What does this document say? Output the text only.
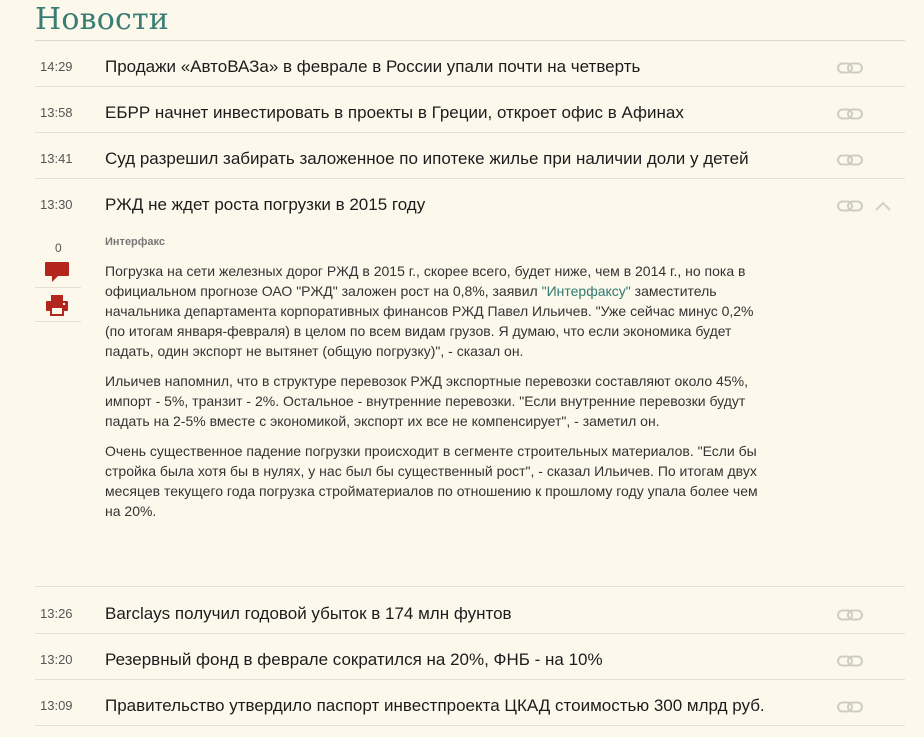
Новости
14:29 Продажи «АвтоВАЗа» в феврале в России упали почти на четверть
13:58 ЕБРР начнет инвестировать в проекты в Греции, откроет офис в Афинах
13:41 Суд разрешил забирать заложенное по ипотеке жилье при наличии доли у детей
13:30 РЖД не ждет роста погрузки в 2015 году
0	Интерфакс

Погрузка на сети железных дорог РЖД в 2015 г., скорее всего, будет ниже, чем в 2014 г., но пока в официальном прогнозе ОАО "РЖД" заложен рост на 0,8%, заявил "Интерфаксу" заместитель начальника департамента корпоративных финансов РЖД Павел Ильичев. "Уже сейчас минус 0,2% (по итогам января-февраля) в целом по всем видам грузов. Я думаю, что если экономика будет падать, один экспорт не вытянет (общую погрузку)", - сказал он.

Ильичев напомнил, что в структуре перевозок РЖД экспортные перевозки составляют около 45%, импорт - 5%, транзит - 2%. Остальное - внутренние перевозки. "Если внутренние перевозки будут падать на 2-5% вместе с экономикой, экспорт их все не компенсирует", - заметил он.

Очень существенное падение погрузки происходит в сегменте строительных материалов. "Если бы стройка была хотя бы в нулях, у нас был бы существенный рост", - сказал Ильичев. По итогам двух месяцев текущего года погрузка стройматериалов по отношению к прошлому году упала более чем на 20%.

13:26 Barclays получил годовой убыток в 174 млн фунтов
13:20 Резервный фонд в феврале сократился на 20%, ФНБ - на 10%
13:09 Правительство утвердило паспорт инвестпроекта ЦКАД стоимостью 300 млрд руб.
